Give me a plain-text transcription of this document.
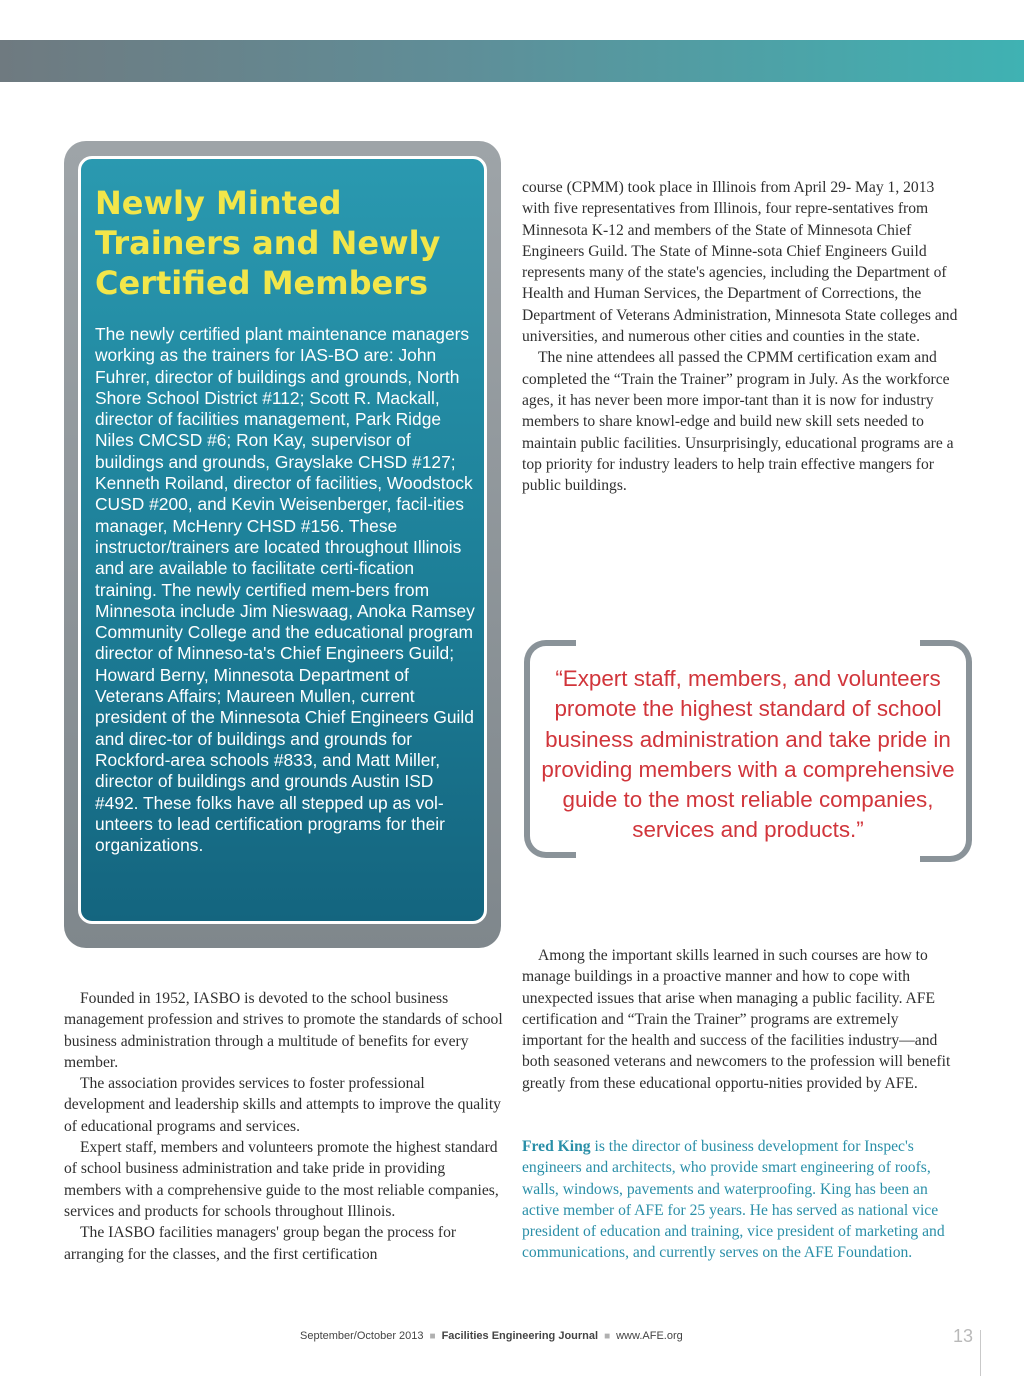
Newly Minted Trainers and Newly Certified Members

The newly certified plant maintenance managers working as the trainers for IAS-BO are: John Fuhrer, director of buildings and grounds, North Shore School District #112; Scott R. Mackall, director of facilities management, Park Ridge Niles CMCSD #6; Ron Kay, supervisor of buildings and grounds, Grayslake CHSD #127; Kenneth Roiland, director of facilities, Woodstock CUSD #200, and Kevin Weisenberger, facil-ities manager, McHenry CHSD #156. These instructor/trainers are located throughout Illinois and are available to facilitate certi-fication training. The newly certified mem-bers from Minnesota include Jim Nieswaag, Anoka Ramsey Community College and the educational program director of Minneso-ta's Chief Engineers Guild; Howard Berny, Minnesota Department of Veterans Affairs; Maureen Mullen, current president of the Minnesota Chief Engineers Guild and direc-tor of buildings and grounds for Rockford-area schools #833, and Matt Miller, director of buildings and grounds Austin ISD #492. These folks have all stepped up as vol-unteers to lead certification programs for their organizations.

Founded in 1952, IASBO is devoted to the school business management profession and strives to promote the standards of school business administration through a multitude of benefits for every member.

The association provides services to foster professional development and leadership skills and attempts to improve the quality of educational programs and services.

Expert staff, members and volunteers promote the highest standard of school business administration and take pride in providing members with a comprehensive guide to the most reliable companies, services and products for schools throughout Illinois.

The IASBO facilities managers' group began the process for arranging for the classes, and the first certification

course (CPMM) took place in Illinois from April 29- May 1, 2013 with five representatives from Illinois, four repre-sentatives from Minnesota K-12 and members of the State of Minnesota Chief Engineers Guild. The State of Minne-sota Chief Engineers Guild represents many of the state's agencies, including the Department of Health and Human Services, the Department of Corrections, the Department of Veterans Administration, Minnesota State colleges and universities, and numerous other cities and counties in the state.

The nine attendees all passed the CPMM certification exam and completed the “Train the Trainer” program in July. As the workforce ages, it has never been more impor-tant than it is now for industry members to share knowl-edge and build new skill sets needed to maintain public facilities. Unsurprisingly, educational programs are a top priority for industry leaders to help train effective mangers for public buildings.

“Expert staff, members, and volunteers promote the highest standard of school business administration and take pride in providing members with a comprehensive guide to the most reliable companies, services and products.”

Among the important skills learned in such courses are how to manage buildings in a proactive manner and how to cope with unexpected issues that arise when managing a public facility. AFE certification and “Train the Trainer” programs are extremely important for the health and success of the facilities industry—and both seasoned veterans and newcomers to the profession will benefit greatly from these educational opportu-nities provided by AFE.

Fred King is the director of business development for Inspec's engineers and architects, who provide smart engineering of roofs, walls, windows, pavements and waterproofing. King has been an active member of AFE for 25 years. He has served as national vice president of education and training, vice president of marketing and communications, and currently serves on the AFE Foundation.

September/October 2013 ■ Facilities Engineering Journal ■ www.AFE.org	13
